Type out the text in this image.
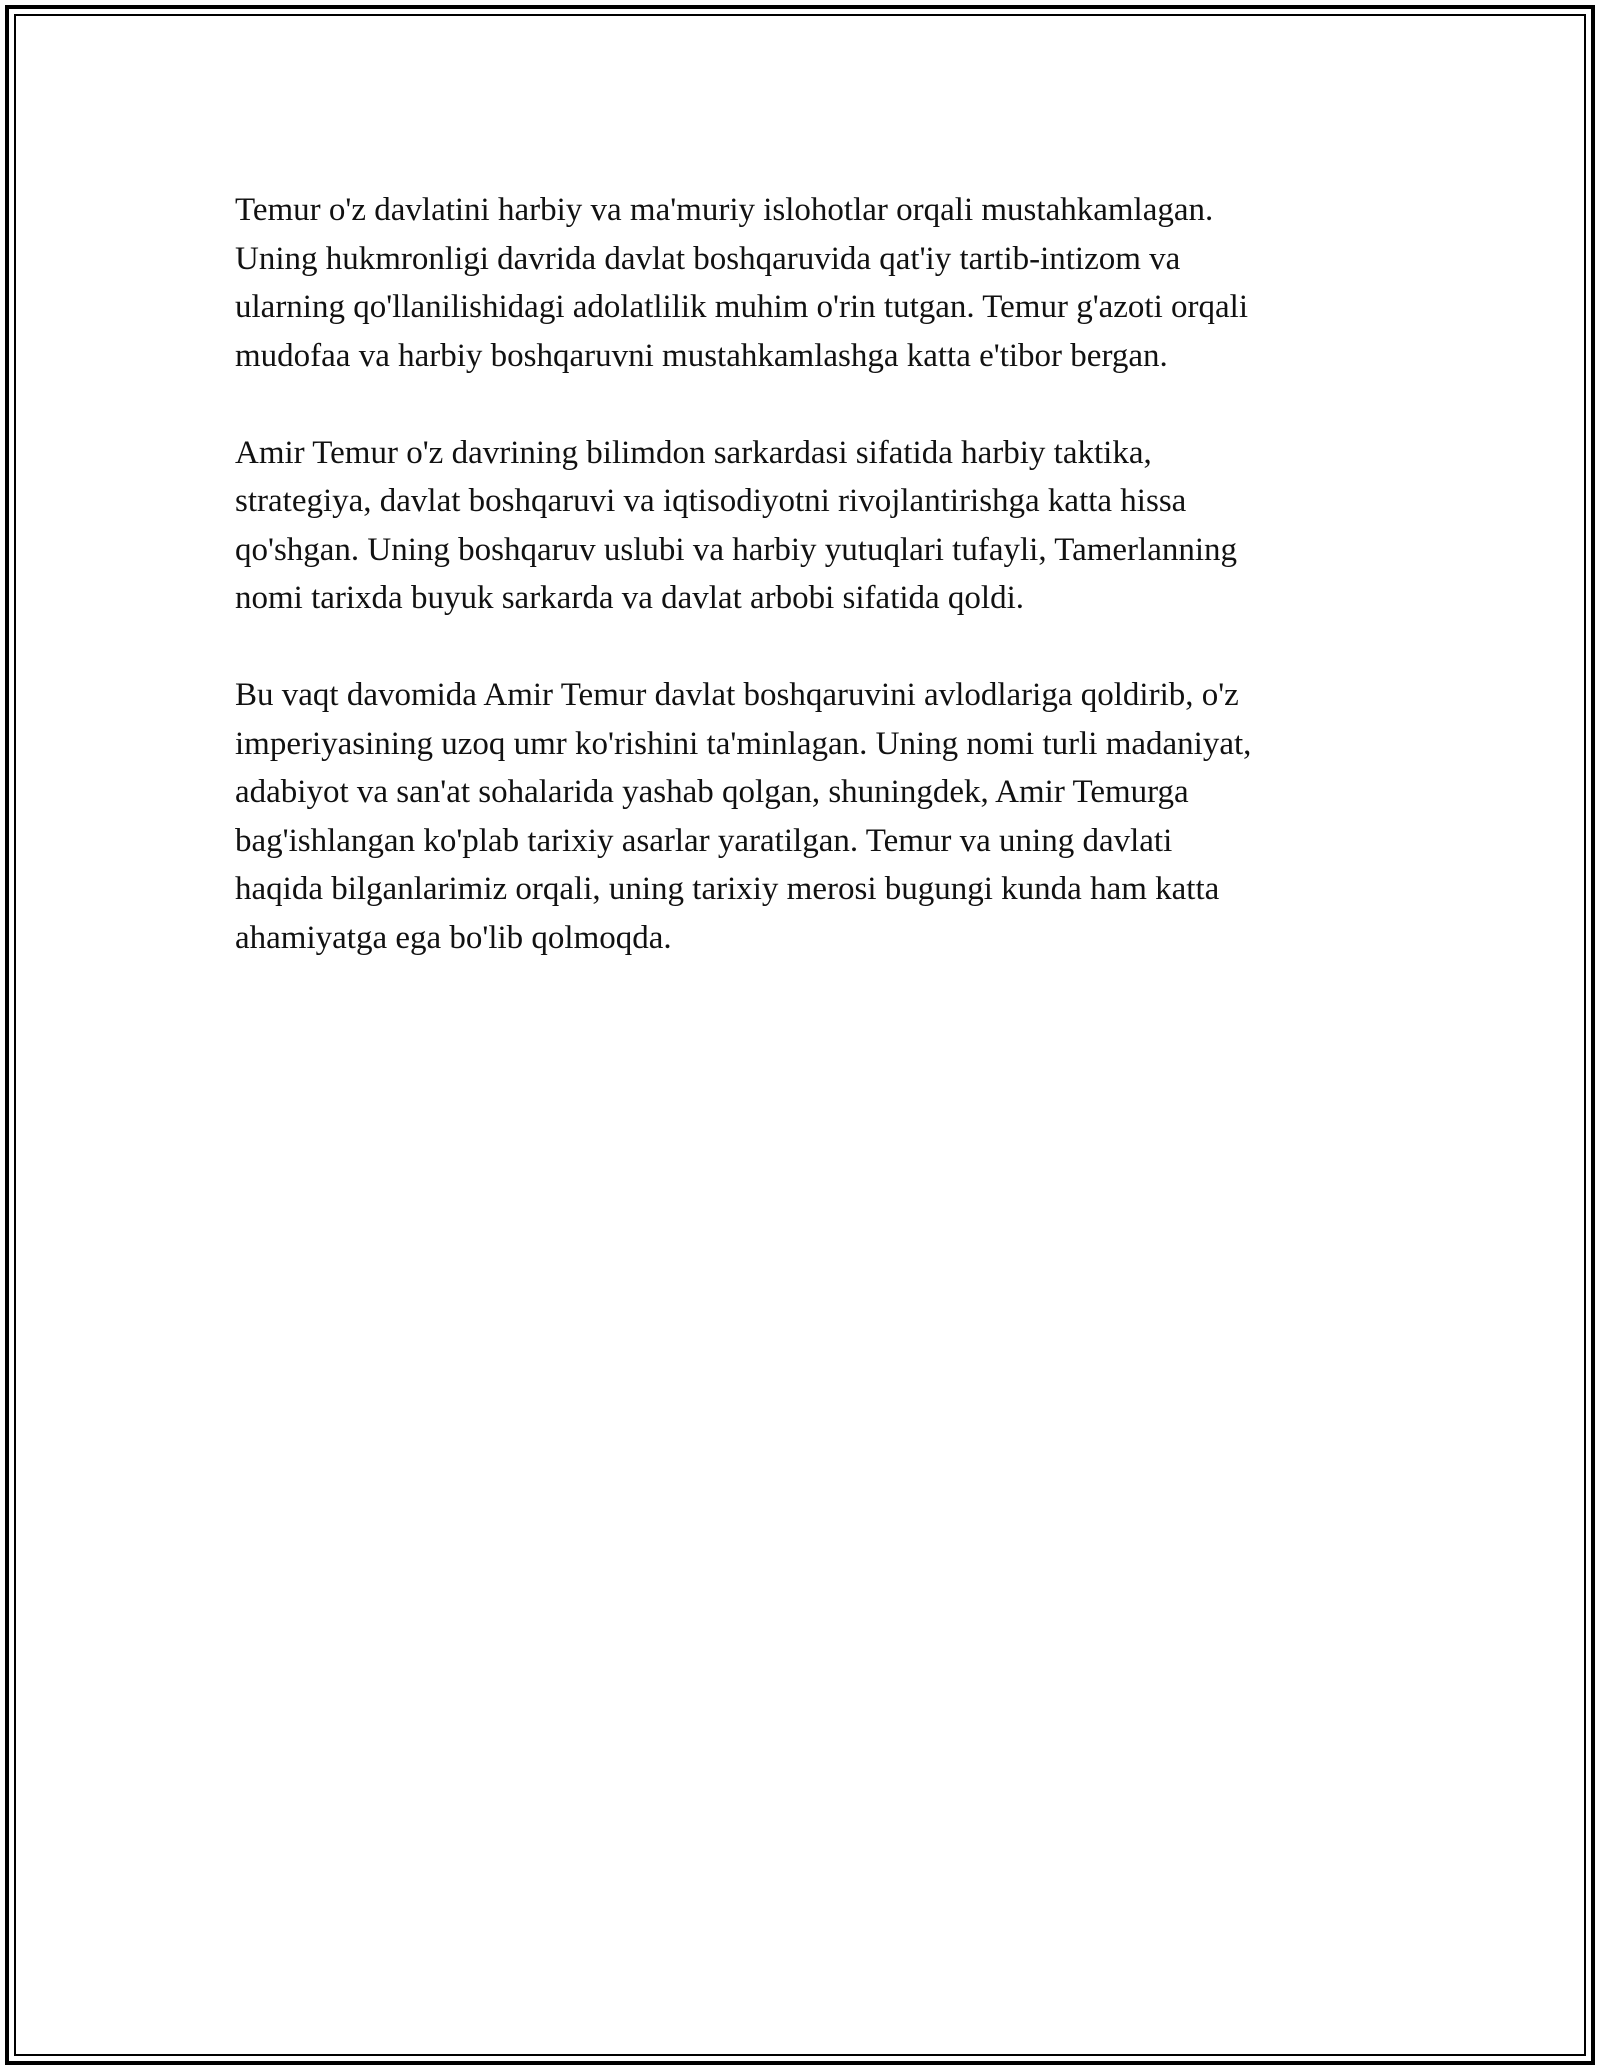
Temur o'z davlatini harbiy va ma'muriy islohotlar orqali mustahkamlagan.
Uning hukmronligi davrida davlat boshqaruvida qat'iy tartib-intizom va
ularning qo'llanilishidagi adolatlilik muhim o'rin tutgan. Temur g'azoti orqali
mudofaa va harbiy boshqaruvni mustahkamlashga katta e'tibor bergan.

Amir Temur o'z davrining bilimdon sarkardasi sifatida harbiy taktika,
strategiya, davlat boshqaruvi va iqtisodiyotni rivojlantirishga katta hissa
qo'shgan. Uning boshqaruv uslubi va harbiy yutuqlari tufayli, Tamerlanning
nomi tarixda buyuk sarkarda va davlat arbobi sifatida qoldi.

Bu vaqt davomida Amir Temur davlat boshqaruvini avlodlariga qoldirib, o'z
imperiyasining uzoq umr ko'rishini ta'minlagan. Uning nomi turli madaniyat,
adabiyot va san'at sohalarida yashab qolgan, shuningdek, Amir Temurga
bag'ishlangan ko'plab tarixiy asarlar yaratilgan. Temur va uning davlati
haqida bilganlarimiz orqali, uning tarixiy merosi bugungi kunda ham katta
ahamiyatga ega bo'lib qolmoqda.
